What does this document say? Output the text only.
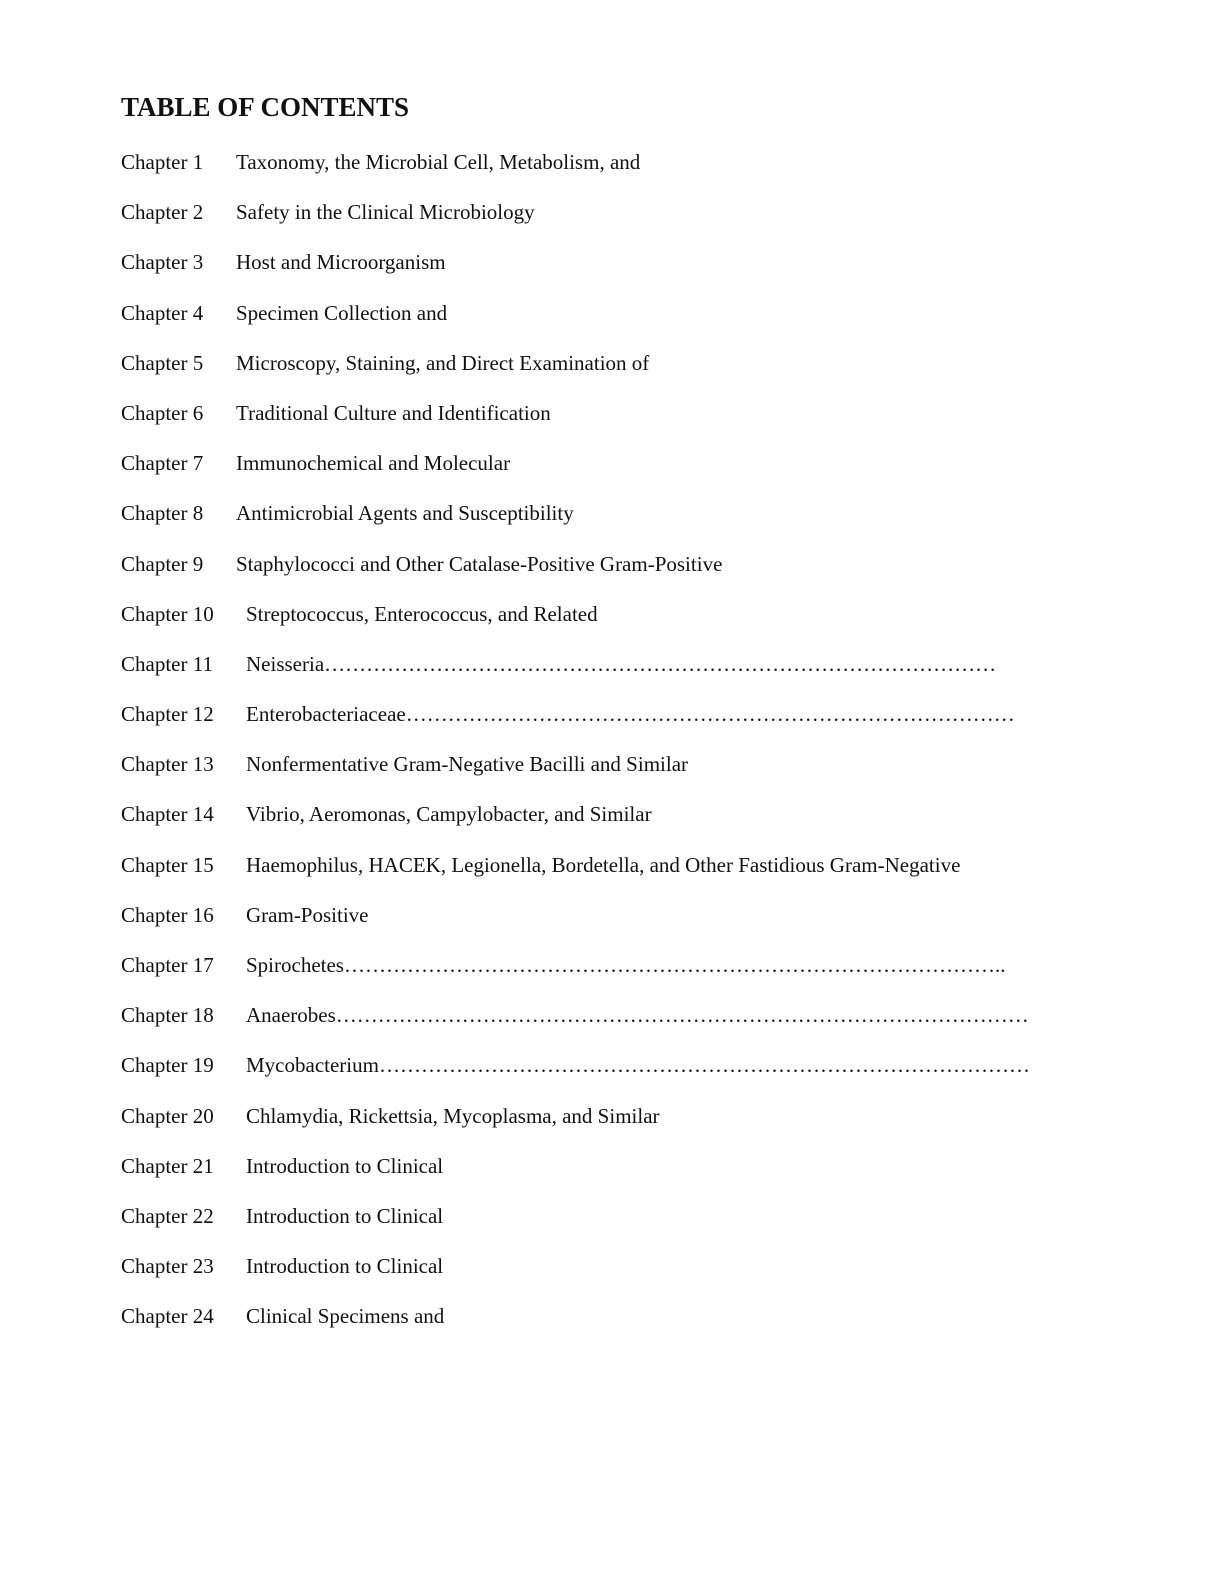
TABLE OF CONTENTS
Chapter 1 Taxonomy, the Microbial Cell, Metabolism, and
Chapter 2 Safety in the Clinical Microbiology
Chapter 3 Host and Microorganism
Chapter 4 Specimen Collection and
Chapter 5 Microscopy, Staining, and Direct Examination of
Chapter 6 Traditional Culture and Identification
Chapter 7 Immunochemical and Molecular
Chapter 8 Antimicrobial Agents and Susceptibility
Chapter 9 Staphylococci and Other Catalase-Positive Gram-Positive
Chapter 10 Streptococcus, Enterococcus, and Related
Chapter 11 Neisseria……………………………………………………………………………………
Chapter 12 Enterobacteriaceae……………………………………………………………………………
Chapter 13 Nonfermentative Gram-Negative Bacilli and Similar
Chapter 14 Vibrio, Aeromonas, Campylobacter, and Similar
Chapter 15 Haemophilus, HACEK, Legionella, Bordetella, and Other Fastidious Gram-Negative
Chapter 16 Gram-Positive
Chapter 17 Spirochetes…………………………………………………………………………………..
Chapter 18 Anaerobes………………………………………………………………………………………
Chapter 19 Mycobacterium…………………………………………………………………………………
Chapter 20 Chlamydia, Rickettsia, Mycoplasma, and Similar
Chapter 21 Introduction to Clinical
Chapter 22 Introduction to Clinical
Chapter 23 Introduction to Clinical
Chapter 24 Clinical Specimens and
